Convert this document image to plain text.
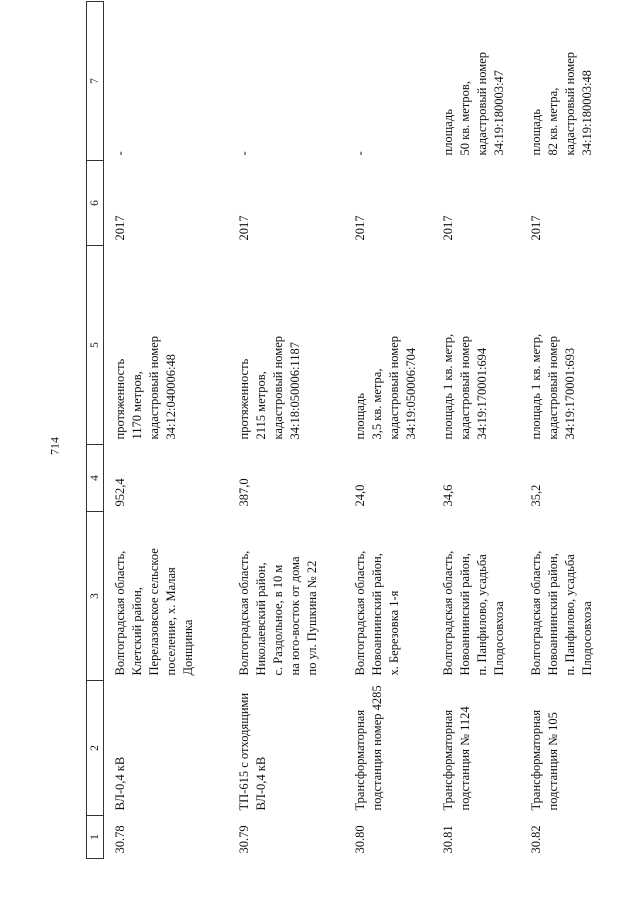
714
1	2	3	4	5	6	7
30.78	ВЛ-0,4 кВ	Волгоградская область,
Клетский район,
Перелазовское сельское
поселение, х. Малая
Донщинка	952,4	протяженность
1170 метров,
кадастровый номер
34:12:040006:48	2017	-
30.79	ТП-615 с отходящими
ВЛ-0,4 кВ	Волгоградская область,
Николаевский район,
с. Раздольное, в 10 м
на юго-восток от дома
по ул. Пушкина № 22	387,0	протяженность
2115 метров,
кадастровый номер
34:18:050006:1187	2017	-
30.80	Трансформаторная
подстанция номер 4285	Волгоградская область,
Новоаннинский район,
х. Березовка 1-я	24,0	площадь
3,5 кв. метра,
кадастровый номер
34:19:050006:704	2017	-
30.81	Трансформаторная
подстанция № 1124	Волгоградская область,
Новоаннинский район,
п. Панфилово, усадьба
Плодосовхоза	34,6	площадь 1 кв. метр,
кадастровый номер
34:19:170001:694	2017	площадь
50 кв. метров,
кадастровый номер
34:19:180003:47
30.82	Трансформаторная
подстанция № 105	Волгоградская область,
Новоаннинский район,
п. Панфилово, усадьба
Плодосовхоза	35,2	площадь 1 кв. метр,
кадастровый номер
34:19:170001:693	2017	площадь
82 кв. метра,
кадастровый номер
34:19:180003:48
